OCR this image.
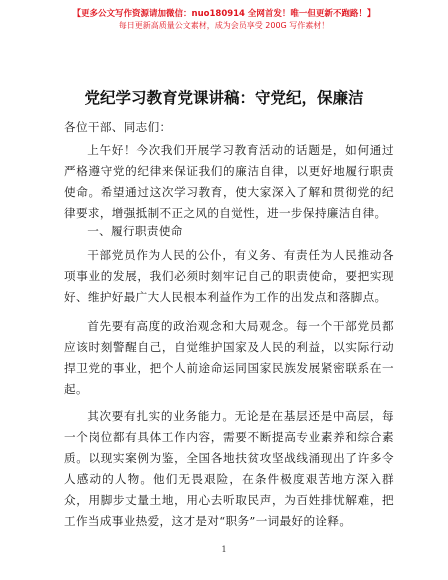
【更多公文写作资源请加微信：nuo180914 全网首发！唯一但更新不跑路！】
每日更新高质量公文素材，成为会员享受 200G 写作素材！
党纪学习教育党课讲稿：守党纪，保廉洁
各位干部、同志们：
上午好！今次我们开展学习教育活动的话题是，如何通过严格遵守党的纪律来保证我们的廉洁自律，以更好地履行职责使命。希望通过这次学习教育，使大家深入了解和贯彻党的纪律要求，增强抵制不正之风的自觉性，进一步保持廉洁自律。
一、履行职责使命
干部党员作为人民的公仆，有义务、有责任为人民推动各项事业的发展，我们必须时刻牢记自己的职责使命，要把实现好、维护好最广大人民根本利益作为工作的出发点和落脚点。
首先要有高度的政治观念和大局观念。每一个干部党员都应该时刻警醒自己，自觉维护国家及人民的利益，以实际行动捍卫党的事业，把个人前途命运同国家民族发展紧密联系在一起。
其次要有扎实的业务能力。无论是在基层还是中高层，每一个岗位都有具体工作内容，需要不断提高专业素养和综合素质。以现实案例为鉴，全国各地扶贫攻坚战线涌现出了许多令人感动的人物。他们无畏艰险，在条件极度艰苦地方深入群众，用脚步丈量土地，用心去听取民声，为百姓排忧解难，把工作当成事业热爱，这才是对“职务”一词最好的诠释。
1
